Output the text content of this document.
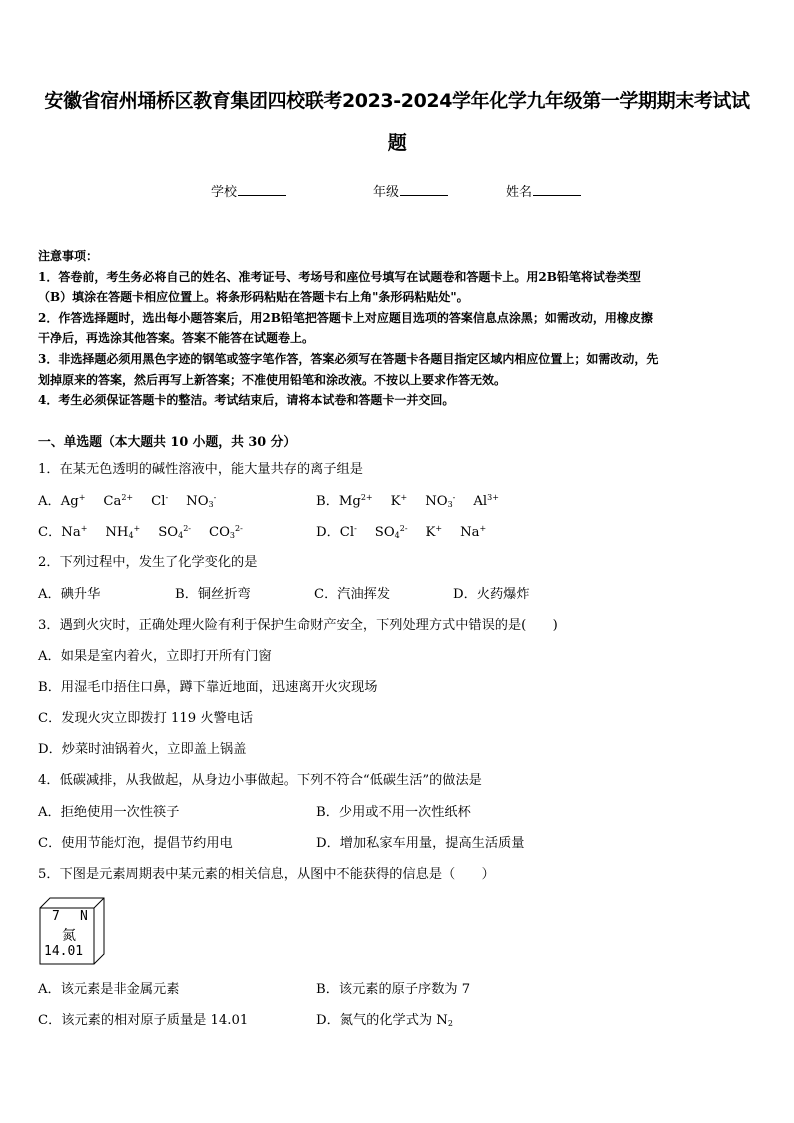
安徽省宿州埇桥区教育集团四校联考2023-2024学年化学九年级第一学期期末考试试
题
学校	年级	姓名

注意事项：

1．答卷前，考生务必将自己的姓名、准考证号、考场号和座位号填写在试题卷和答题卡上。用2B铅笔将试卷类型

（B）填涂在答题卡相应位置上。将条形码粘贴在答题卡右上角"条形码粘贴处"。

2．作答选择题时，选出每小题答案后，用2B铅笔把答题卡上对应题目选项的答案信息点涂黑；如需改动，用橡皮擦

干净后，再选涂其他答案。答案不能答在试题卷上。

3．非选择题必须用黑色字迹的钢笔或签字笔作答，答案必须写在答题卡各题目指定区域内相应位置上；如需改动，先

划掉原来的答案，然后再写上新答案；不准使用铅笔和涂改液。不按以上要求作答无效。

4．考生必须保证答题卡的整洁。考试结束后，请将本试卷和答题卡一并交回。

一、单选题（本大题共 10 小题，共 30 分）
1．在某无色透明的碱性溶液中，能大量共存的离子组是
A．Ag+ $Ca^{2+}$ Cl- $NO_3^-$	B．$Mg^{2+}$ K+ $NO_3^-$ $Al^{3+}$
C．Na+ $NH_4^+$ $SO_4^{2-}$ $CO_3^{2-}$	D．Cl- $SO_4^{2-}$ K+ Na+
2．下列过程中，发生了化学变化的是
A．碘升华	B．铜丝折弯	C．汽油挥发	D．火药爆炸
3．遇到火灾时，正确处理火险有利于保护生命财产安全，下列处理方式中错误的是(　　)
A．如果是室内着火，立即打开所有门窗
B．用湿毛巾捂住口鼻，蹲下靠近地面，迅速离开火灾现场
C．发现火灾立即拨打 119 火警电话
D．炒菜时油锅着火，立即盖上锅盖
4．低碳减排，从我做起，从身边小事做起。下列不符合“低碳生活”的做法是
A．拒绝使用一次性筷子	B．少用或不用一次性纸杯
C．使用节能灯泡，提倡节约用电	D．增加私家车用量，提高生活质量
5．下图是元素周期表中某元素的相关信息，从图中不能获得的信息是（　　）
7 N
氮
14.01
A．该元素是非金属元素	B．该元素的原子序数为 7
C．该元素的相对原子质量是 14.01	D．氮气的化学式为 $N_2$
